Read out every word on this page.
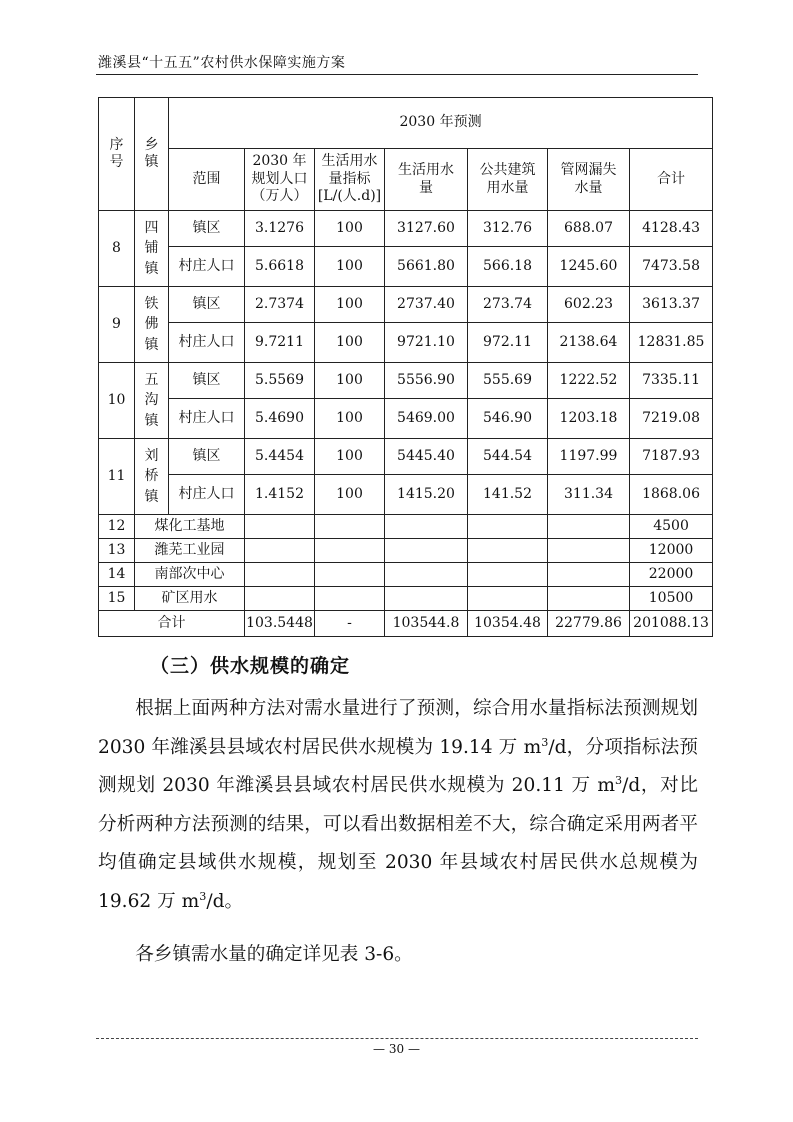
潍溪县“十五五”农村供水保障实施方案
序号	乡镇	2030 年预测						
		范围	2030 年规划人口（万人）	生活用水量指标[L/(人.d)]	生活用水量	公共建筑用水量	管网漏失水量	合计
8	四铺镇	镇区	3.1276	100	3127.60	312.76	688.07	4128.43
		村庄人口	5.6618	100	5661.80	566.18	1245.60	7473.58
9	铁佛镇	镇区	2.7374	100	2737.40	273.74	602.23	3613.37
		村庄人口	9.7211	100	9721.10	972.11	2138.64	12831.85
10	五沟镇	镇区	5.5569	100	5556.90	555.69	1222.52	7335.11
		村庄人口	5.4690	100	5469.00	546.90	1203.18	7219.08
11	刘桥镇	镇区	5.4454	100	5445.40	544.54	1197.99	7187.93
		村庄人口	1.4152	100	1415.20	141.52	311.34	1868.06
12	煤化工基地							4500
13	潍芜工业园							12000
14	南部次中心							22000
15	矿区用水							10500
合计			103.5448	-	103544.8	10354.48	22779.86	201088.13
（三）供水规模的确定

根据上面两种方法对需水量进行了预测，综合用水量指标法预测规划 2030 年潍溪县县域农村居民供水规模为 19.14 万 $m^3/d$，分项指标法预测规划 2030 年潍溪县县域农村居民供水规模为 20.11 万 $m^3/d$，对比分析两种方法预测的结果，可以看出数据相差不大，综合确定采用两者平均值确定县域供水规模，规划至 2030 年县域农村居民供水总规模为 19.62 万 $m^3/d$。

各乡镇需水量的确定详见表 3-6。

— 30 —
